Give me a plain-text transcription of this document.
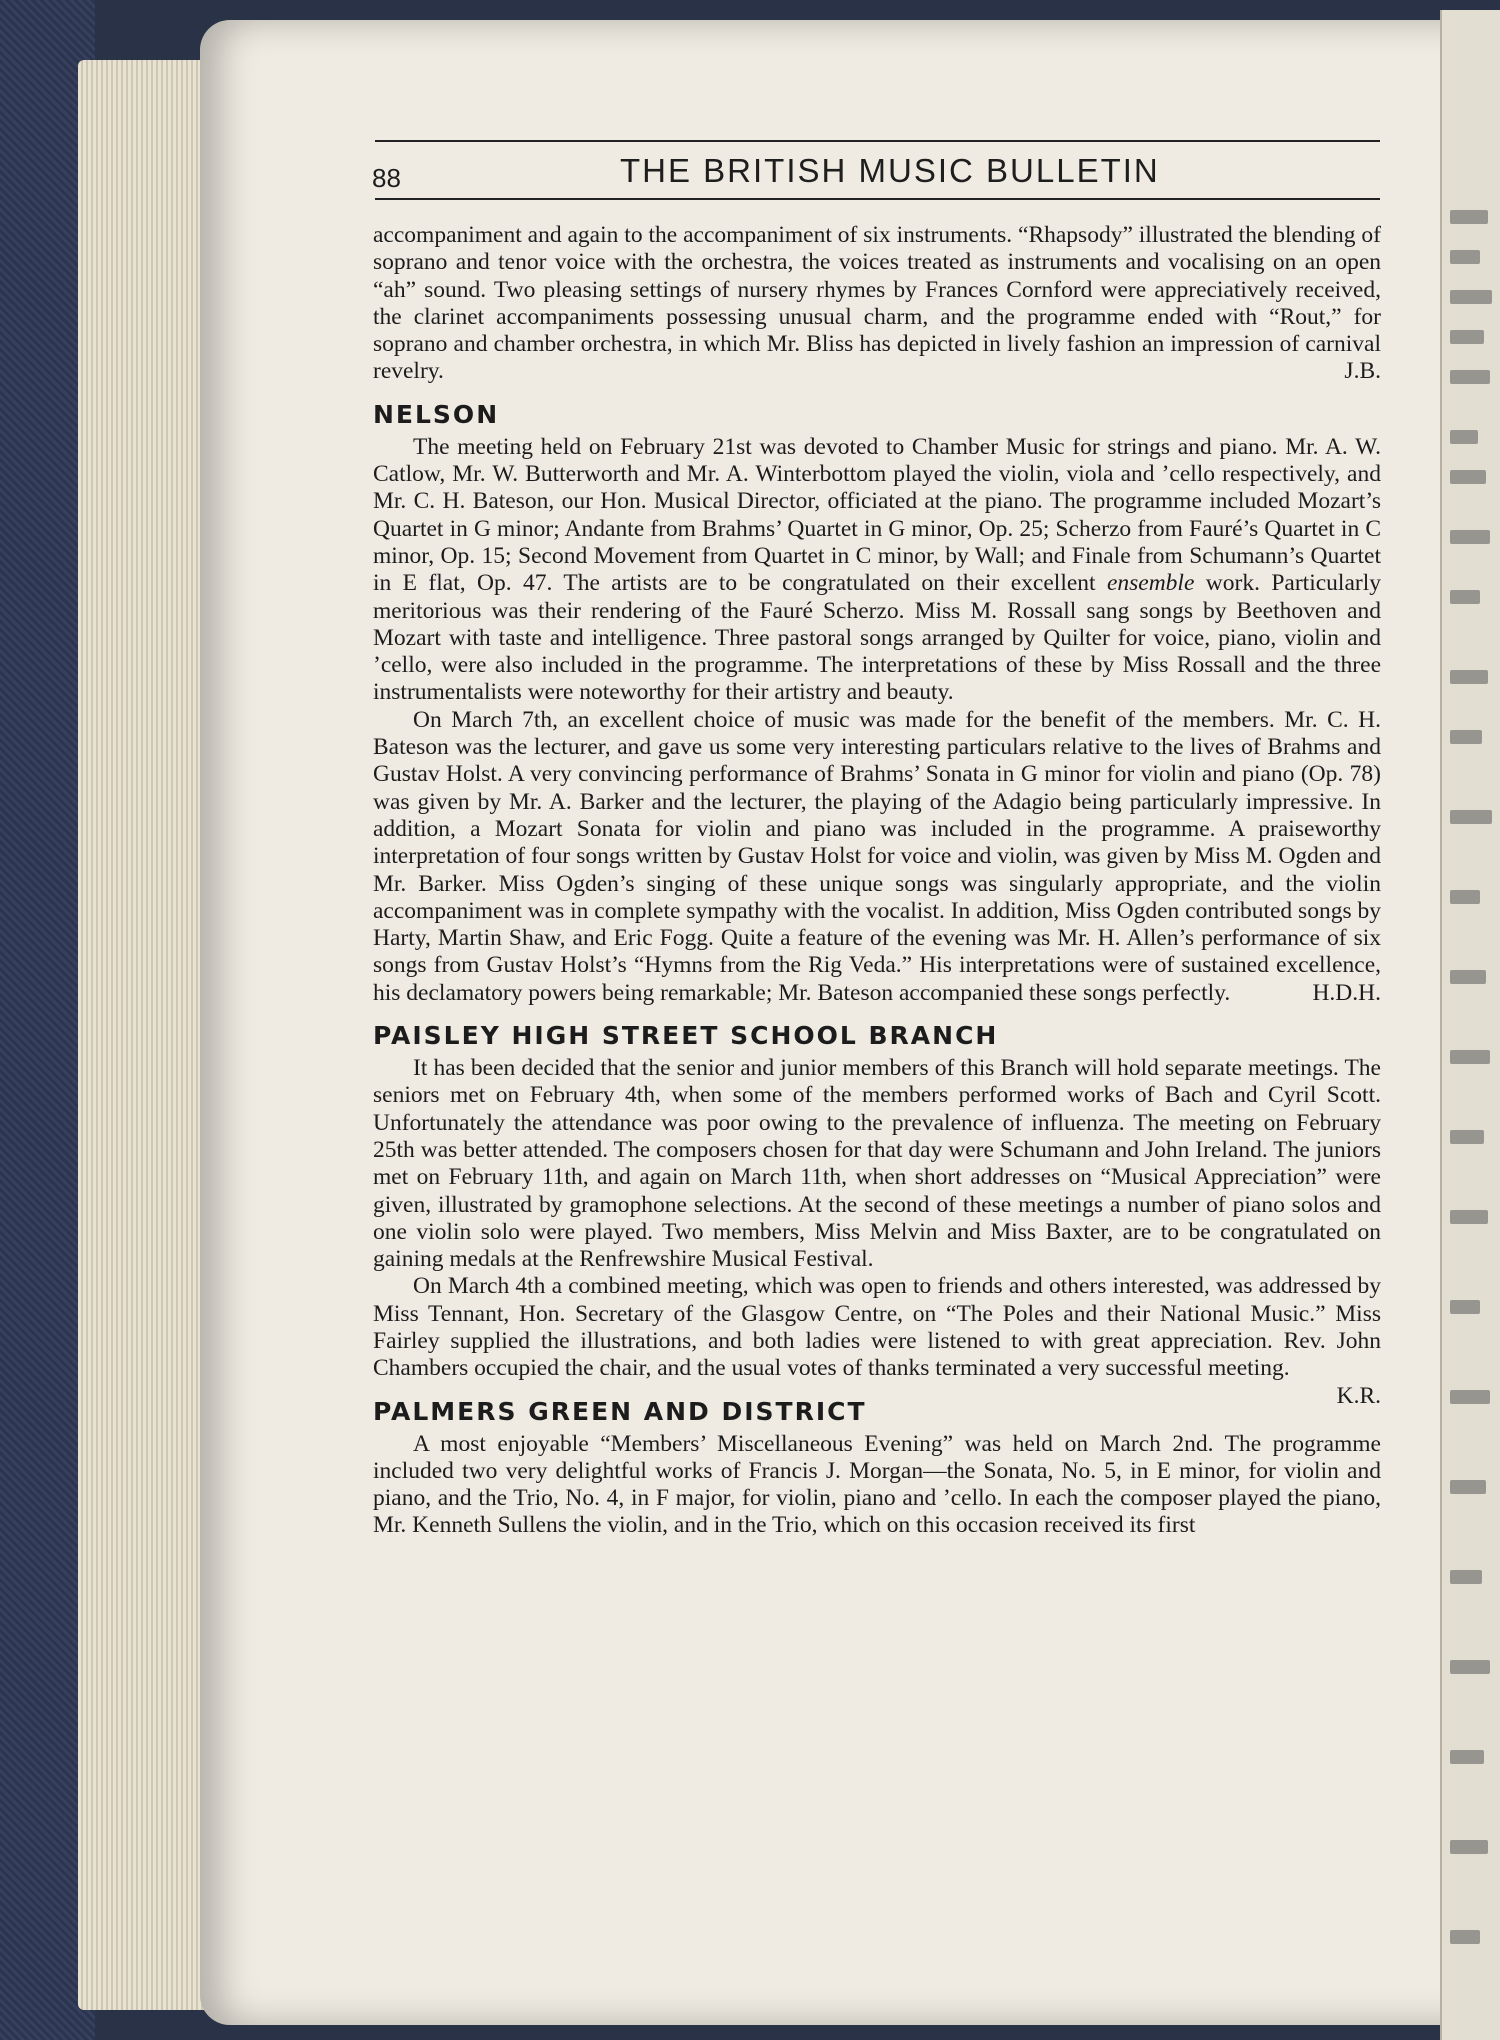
88	THE BRITISH MUSIC BULLETIN

accompaniment and again to the accompaniment of six instruments. “Rhapsody” illustrated the blending of soprano and tenor voice with the orchestra, the voices treated as instruments and vocalising on an open “ah” sound. Two pleasing settings of nursery rhymes by Frances Cornford were appreciatively received, the clarinet accompaniments possessing unusual charm, and the programme ended with “Rout,” for soprano and chamber orchestra, in which Mr. Bliss has depicted in lively fashion an impression of carnival revelry.	J.B.

NELSON

The meeting held on February 21st was devoted to Chamber Music for strings and piano. Mr. A. W. Catlow, Mr. W. Butterworth and Mr. A. Winterbottom played the violin, viola and ’cello respectively, and Mr. C. H. Bateson, our Hon. Musical Director, officiated at the piano. The programme included Mozart’s Quartet in G minor; Andante from Brahms’ Quartet in G minor, Op. 25; Scherzo from Fauré’s Quartet in C minor, Op. 15; Second Movement from Quartet in C minor, by Wall; and Finale from Schumann’s Quartet in E flat, Op. 47. The artists are to be congratulated on their excellent ensemble work. Particularly meritorious was their rendering of the Fauré Scherzo. Miss M. Rossall sang songs by Beethoven and Mozart with taste and intelligence. Three pastoral songs arranged by Quilter for voice, piano, violin and ’cello, were also included in the programme. The interpretations of these by Miss Rossall and the three instrumentalists were noteworthy for their artistry and beauty.

On March 7th, an excellent choice of music was made for the benefit of the members. Mr. C. H. Bateson was the lecturer, and gave us some very interesting particulars relative to the lives of Brahms and Gustav Holst. A very convincing performance of Brahms’ Sonata in G minor for violin and piano (Op. 78) was given by Mr. A. Barker and the lecturer, the playing of the Adagio being particularly impressive. In addition, a Mozart Sonata for violin and piano was included in the programme. A praiseworthy interpretation of four songs written by Gustav Holst for voice and violin, was given by Miss M. Ogden and Mr. Barker. Miss Ogden’s singing of these unique songs was singularly appropriate, and the violin accompaniment was in complete sympathy with the vocalist. In addition, Miss Ogden contributed songs by Harty, Martin Shaw, and Eric Fogg. Quite a feature of the evening was Mr. H. Allen’s performance of six songs from Gustav Holst’s “Hymns from the Rig Veda.” His interpretations were of sustained excellence, his declamatory powers being remarkable; Mr. Bateson accompanied these songs perfectly.	H.D.H.

PAISLEY HIGH STREET SCHOOL BRANCH

It has been decided that the senior and junior members of this Branch will hold separate meetings. The seniors met on February 4th, when some of the members performed works of Bach and Cyril Scott. Unfortunately the attendance was poor owing to the prevalence of influenza. The meeting on February 25th was better attended. The composers chosen for that day were Schumann and John Ireland. The juniors met on February 11th, and again on March 11th, when short addresses on “Musical Appreciation” were given, illustrated by gramophone selections. At the second of these meetings a number of piano solos and one violin solo were played. Two members, Miss Melvin and Miss Baxter, are to be congratulated on gaining medals at the Renfrewshire Musical Festival.

On March 4th a combined meeting, which was open to friends and others interested, was addressed by Miss Tennant, Hon. Secretary of the Glasgow Centre, on “The Poles and their National Music.” Miss Fairley supplied the illustrations, and both ladies were listened to with great appreciation. Rev. John Chambers occupied the chair, and the usual votes of thanks terminated a very successful meeting.
K.R.

PALMERS GREEN AND DISTRICT

A most enjoyable “Members’ Miscellaneous Evening” was held on March 2nd. The programme included two very delightful works of Francis J. Morgan—the Sonata, No. 5, in E minor, for violin and piano, and the Trio, No. 4, in F major, for violin, piano and ’cello. In each the composer played the piano, Mr. Kenneth Sullens the violin, and in the Trio, which on this occasion received its first
